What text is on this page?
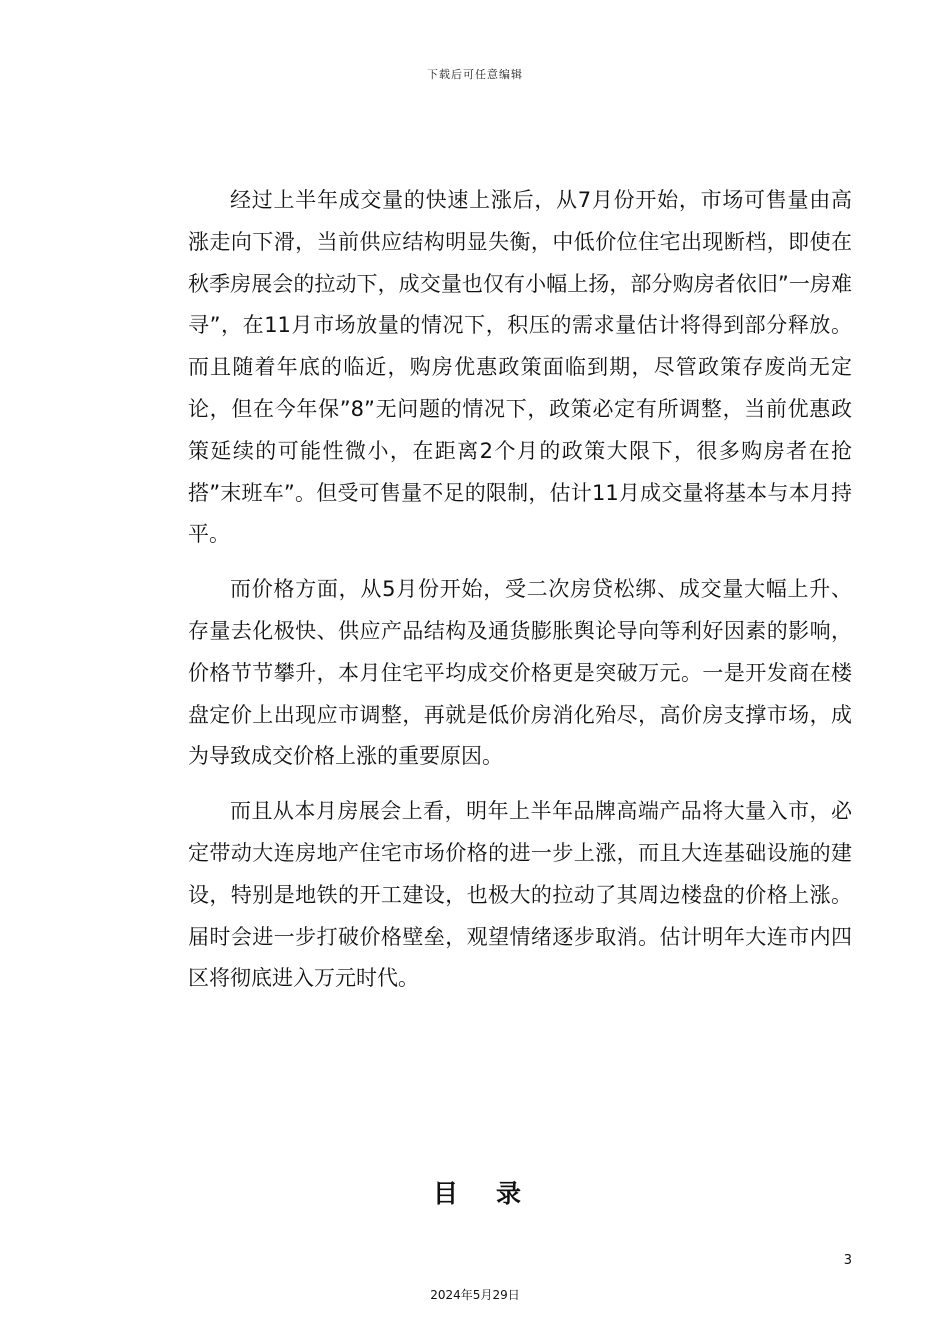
下载后可任意编辑

经过上半年成交量的快速上涨后，从7月份开始，市场可售量由高涨走向下滑，当前供应结构明显失衡，中低价位住宅出现断档，即使在秋季房展会的拉动下，成交量也仅有小幅上扬，部分购房者依旧”一房难寻”，在11月市场放量的情况下，积压的需求量估计将得到部分释放。而且随着年底的临近，购房优惠政策面临到期，尽管政策存废尚无定论，但在今年保”8”无问题的情况下，政策必定有所调整，当前优惠政策延续的可能性微小，在距离2个月的政策大限下，很多购房者在抢搭”末班车”。但受可售量不足的限制，估计11月成交量将基本与本月持平。

而价格方面，从5月份开始，受二次房贷松绑、成交量大幅上升、存量去化极快、供应产品结构及通货膨胀舆论导向等利好因素的影响，价格节节攀升，本月住宅平均成交价格更是突破万元。一是开发商在楼盘定价上出现应市调整，再就是低价房消化殆尽，高价房支撑市场，成为导致成交价格上涨的重要原因。

而且从本月房展会上看，明年上半年品牌高端产品将大量入市，必定带动大连房地产住宅市场价格的进一步上涨，而且大连基础设施的建设，特别是地铁的开工建设，也极大的拉动了其周边楼盘的价格上涨。届时会进一步打破价格壁垒，观望情绪逐步取消。估计明年大连市内四区将彻底进入万元时代。

目录
3
2024年5月29日
